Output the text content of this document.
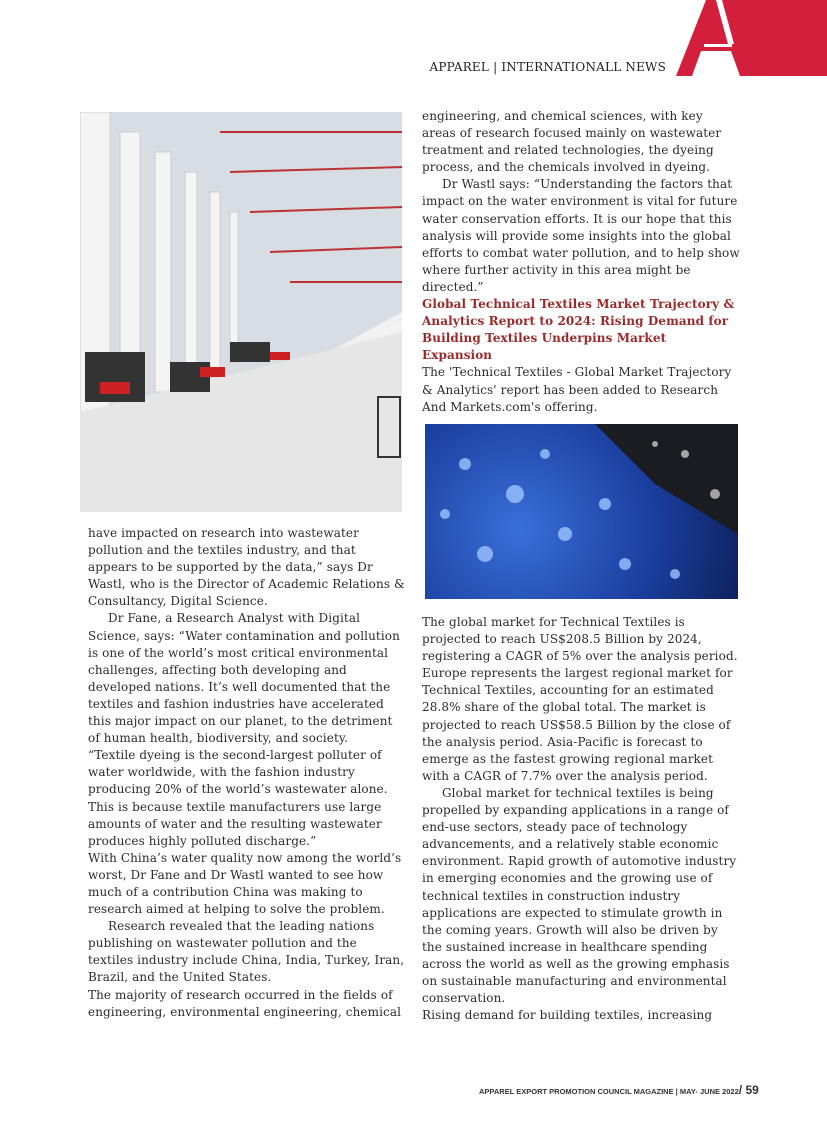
APPAREL | INTERNATIONALL NEWS

have impacted on research into wastewater pollution and the textiles industry, and that appears to be supported by the data,” says Dr Wastl, who is the Director of Academic Relations & Consultancy, Digital Science.

Dr Fane, a Research Analyst with Digital Science, says: “Water contamination and pollution is one of the world’s most critical environmental challenges, affecting both developing and developed nations. It’s well documented that the textiles and fashion industries have accelerated this major impact on our planet, to the detriment of human health, biodiversity, and society.

“Textile dyeing is the second-largest polluter of water worldwide, with the fashion industry producing 20% of the world’s wastewater alone. This is because textile manufacturers use large amounts of water and the resulting wastewater produces highly polluted discharge.”

With China’s water quality now among the world’s worst, Dr Fane and Dr Wastl wanted to see how much of a contribution China was making to research aimed at helping to solve the problem.

Research revealed that the leading nations publishing on wastewater pollution and the textiles industry include China, India, Turkey, Iran, Brazil, and the United States.

The majority of research occurred in the fields of engineering, environmental engineering, chemical

engineering, and chemical sciences, with key areas of research focused mainly on wastewater treatment and related technologies, the dyeing process, and the chemicals involved in dyeing.

Dr Wastl says: “Understanding the factors that impact on the water environment is vital for future water conservation efforts. It is our hope that this analysis will provide some insights into the global efforts to combat water pollution, and to help show where further activity in this area might be directed.”

Global Technical Textiles Market Trajectory & Analytics Report to 2024: Rising Demand for Building Textiles Underpins Market Expansion

The 'Technical Textiles - Global Market Trajectory & Analytics' report has been added to Research And Markets.com's offering.

The global market for Technical Textiles is projected to reach US$208.5 Billion by 2024, registering a CAGR of 5% over the analysis period. Europe represents the largest regional market for Technical Textiles, accounting for an estimated 28.8% share of the global total. The market is projected to reach US$58.5 Billion by the close of the analysis period. Asia-Pacific is forecast to emerge as the fastest growing regional market with a CAGR of 7.7% over the analysis period.

Global market for technical textiles is being propelled by expanding applications in a range of end-use sectors, steady pace of technology advancements, and a relatively stable economic environment. Rapid growth of automotive industry in emerging economies and the growing use of technical textiles in construction industry applications are expected to stimulate growth in the coming years. Growth will also be driven by the sustained increase in healthcare spending across the world as well as the growing emphasis on sustainable manufacturing and environmental conservation.

Rising demand for building textiles, increasing

APPAREL EXPORT PROMOTION COUNCIL MAGAZINE | MAY- JUNE 2022/ 59
